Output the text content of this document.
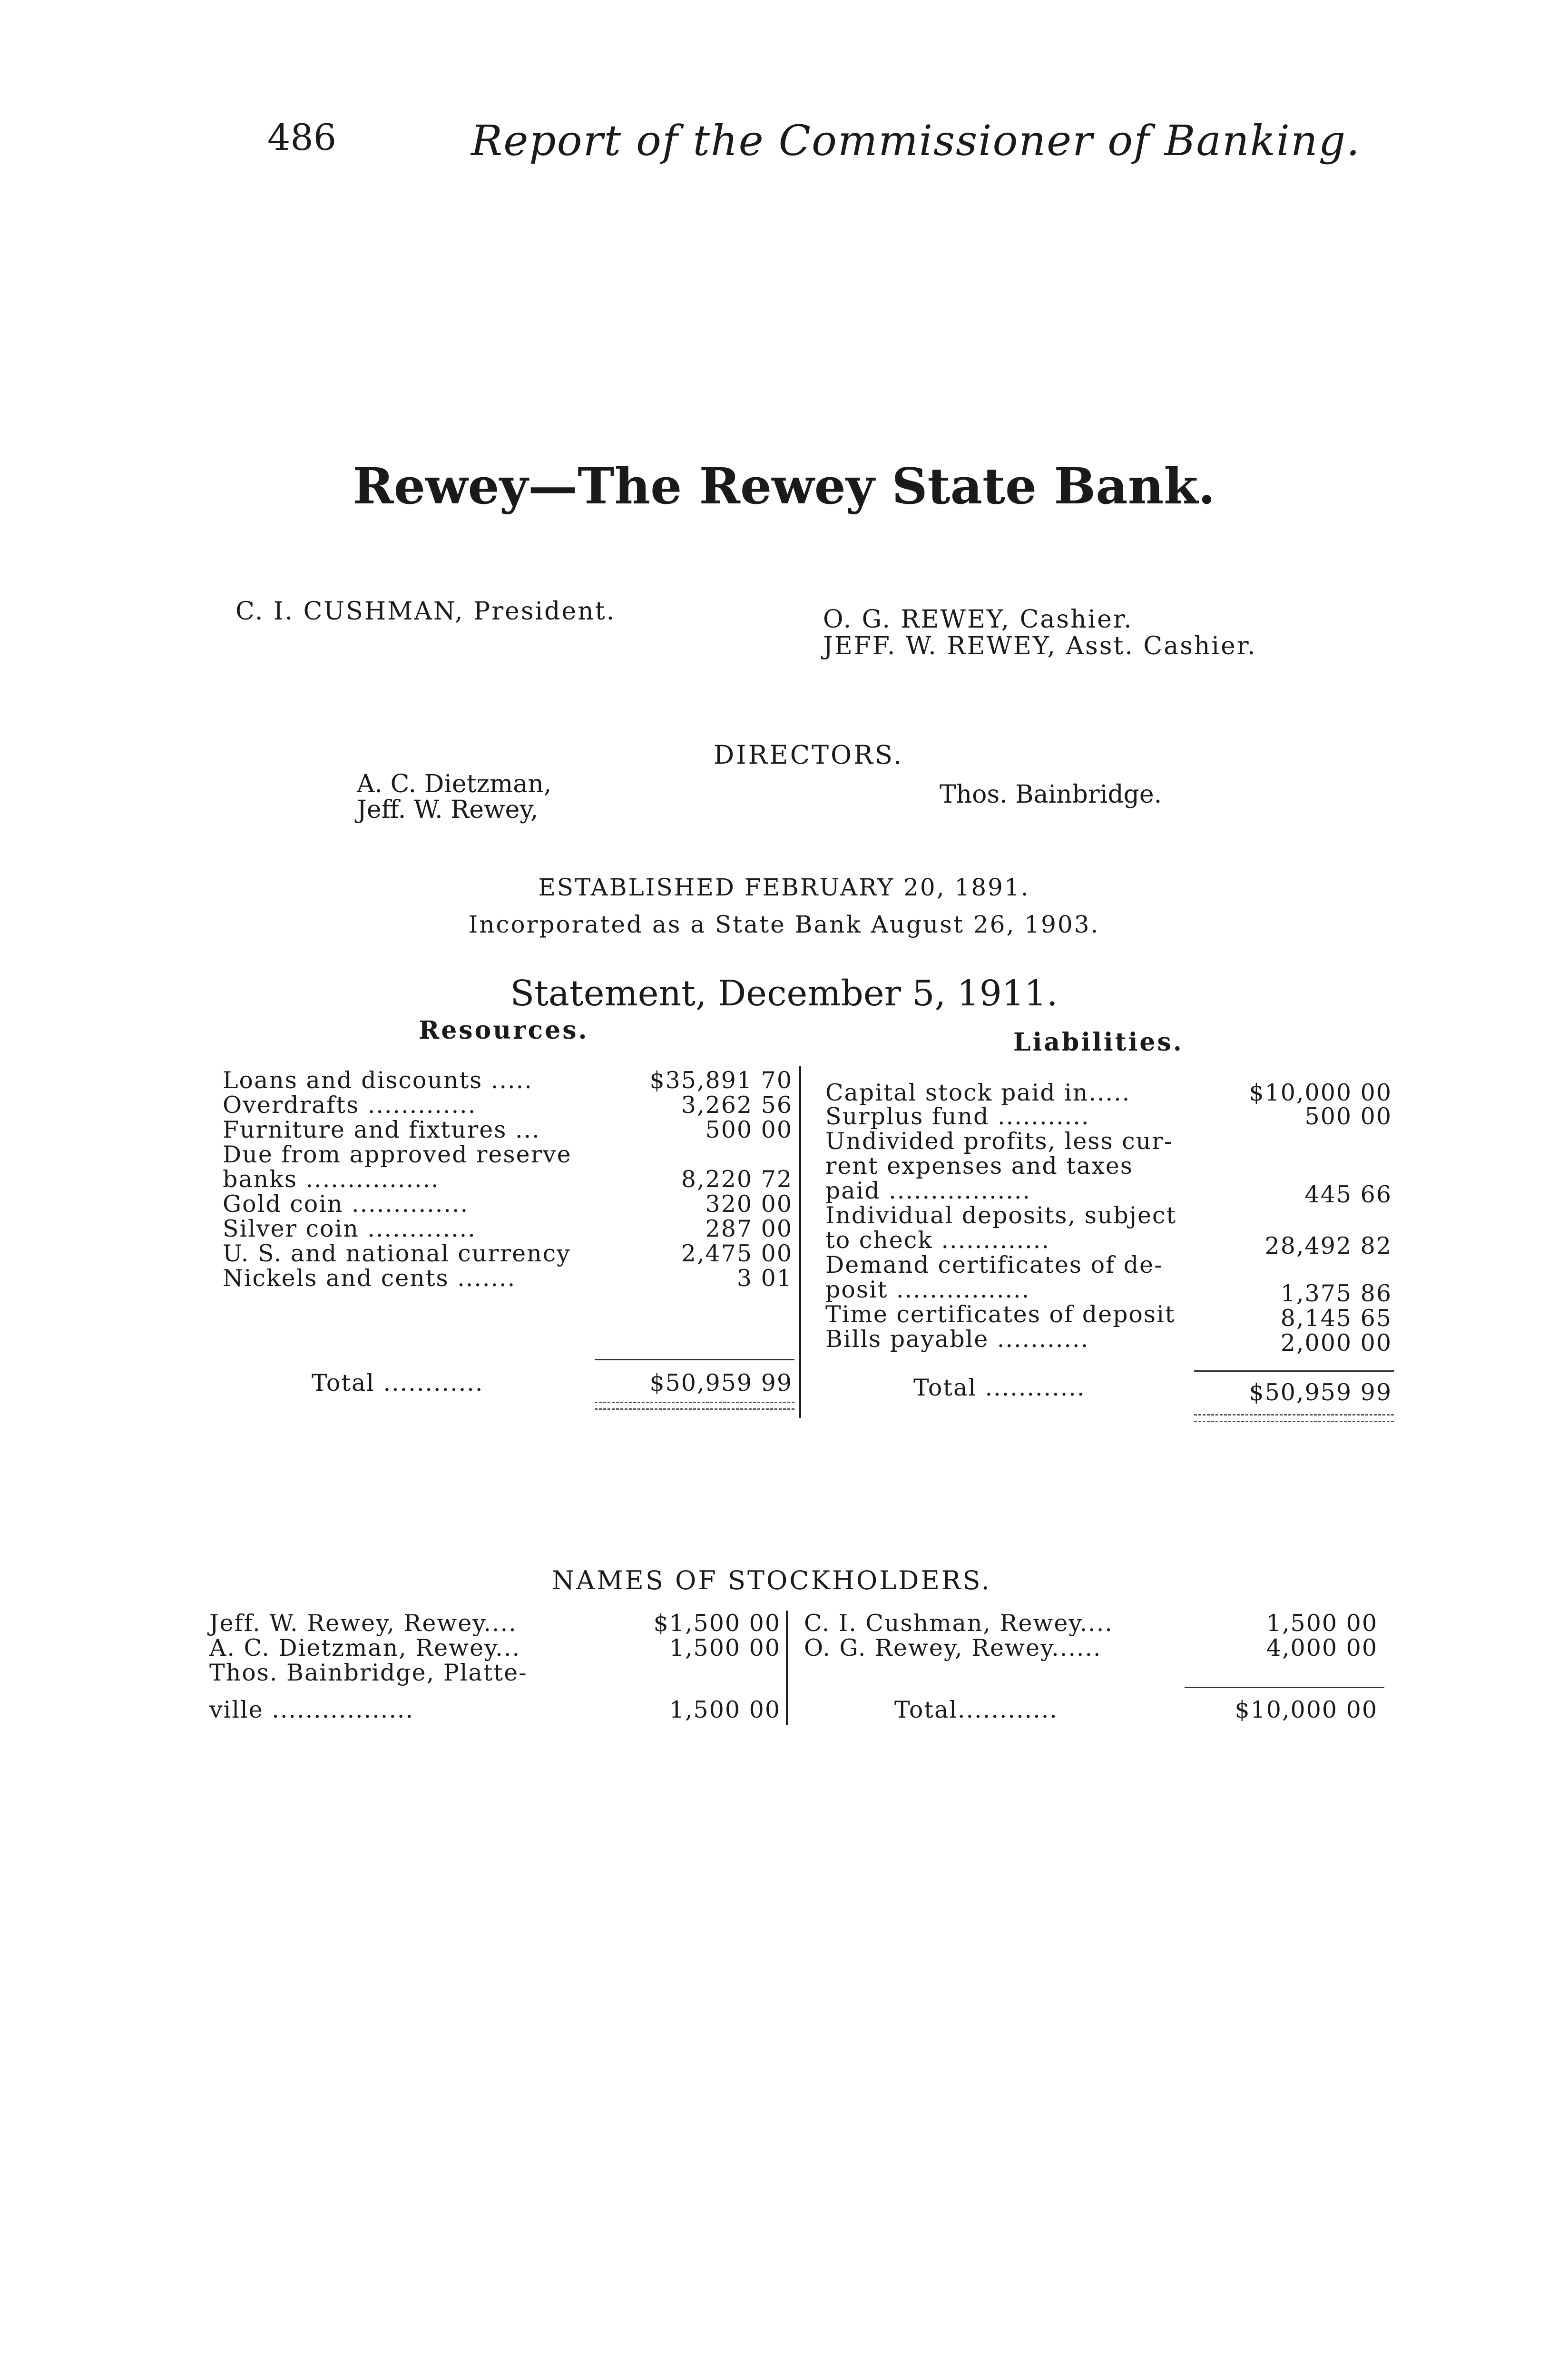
486	Report of the Commissioner of Banking.
Rewey—The Rewey State Bank.
C. I. CUSHMAN, President.	O. G. REWEY, Cashier.
JEFF. W. REWEY, Asst. Cashier.
DIRECTORS.
A. C. Dietzman,
Jeff. W. Rewey,
Thos. Bainbridge.
ESTABLISHED FEBRUARY 20, 1891.
Incorporated as a State Bank August 26, 1903.
Statement, December 5, 1911.
Resources.	Liabilities.
Loans and discounts .....	$35,891 70
Overdrafts .............	3,262 56
Furniture and fixtures ...	500 00
Due from approved reserve
banks ................	8,220 72
Gold coin ..............	320 00
Silver coin .............	287 00
U. S. and national currency	2,475 00
Nickels and cents .......	3 01
Total ............	$50,959 99
Capital stock paid in.....	$10,000 00
Surplus fund ...........	500 00
Undivided profits, less cur-
rent expenses and taxes
paid .................	445 66
Individual deposits, subject
to check .............	28,492 82
Demand certificates of de-
posit ................	1,375 86
Time certificates of deposit	8,145 65
Bills payable ...........	2,000 00
Total ............	$50,959 99
NAMES OF STOCKHOLDERS.
Jeff. W. Rewey, Rewey....	$1,500 00
A. C. Dietzman, Rewey...	1,500 00
Thos. Bainbridge, Platte-
ville .................	1,500 00
C. I. Cushman, Rewey....	1,500 00
O. G. Rewey, Rewey......	4,000 00
Total............	$10,000 00
